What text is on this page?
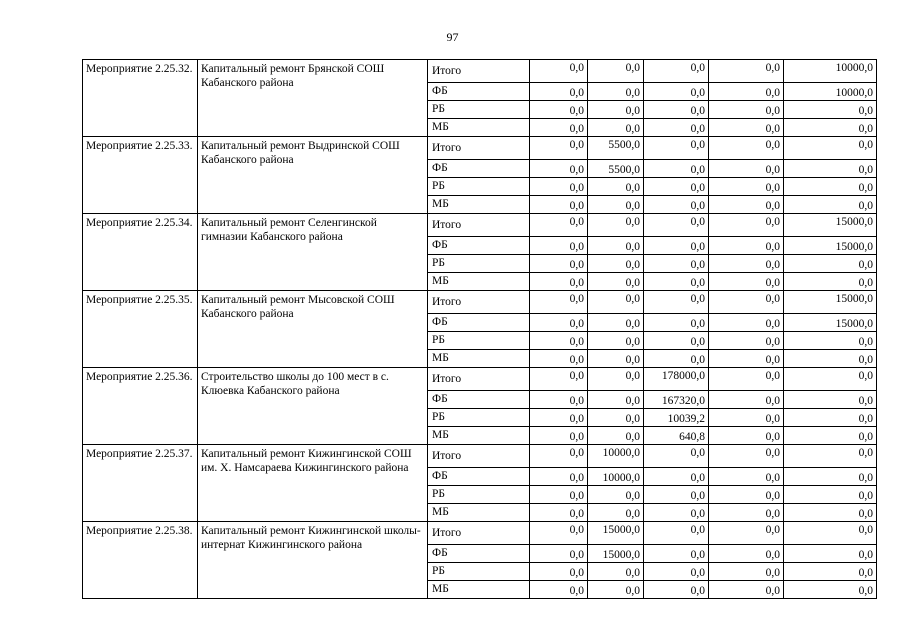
97
Мероприятие 2.25.32.	Капитальный ремонт Брянской СОШ Кабанского района	Итого	0,0	0,0	0,0	0,0	10000,0
		ФБ	0,0	0,0	0,0	0,0	10000,0
		РБ	0,0	0,0	0,0	0,0	0,0
		МБ	0,0	0,0	0,0	0,0	0,0
Мероприятие 2.25.33.	Капитальный ремонт Выдринской СОШ Кабанского района	Итого	0,0	5500,0	0,0	0,0	0,0
		ФБ	0,0	5500,0	0,0	0,0	0,0
		РБ	0,0	0,0	0,0	0,0	0,0
		МБ	0,0	0,0	0,0	0,0	0,0
Мероприятие 2.25.34.	Капитальный ремонт Селенгинской гимназии Кабанского района	Итого	0,0	0,0	0,0	0,0	15000,0
		ФБ	0,0	0,0	0,0	0,0	15000,0
		РБ	0,0	0,0	0,0	0,0	0,0
		МБ	0,0	0,0	0,0	0,0	0,0
Мероприятие 2.25.35.	Капитальный ремонт Мысовской СОШ Кабанского района	Итого	0,0	0,0	0,0	0,0	15000,0
		ФБ	0,0	0,0	0,0	0,0	15000,0
		РБ	0,0	0,0	0,0	0,0	0,0
		МБ	0,0	0,0	0,0	0,0	0,0
Мероприятие 2.25.36.	Строительство школы до 100 мест в с. Клюевка Кабанского района	Итого	0,0	0,0	178000,0	0,0	0,0
		ФБ	0,0	0,0	167320,0	0,0	0,0
		РБ	0,0	0,0	10039,2	0,0	0,0
		МБ	0,0	0,0	640,8	0,0	0,0
Мероприятие 2.25.37.	Капитальный ремонт Кижингинской СОШ им. Х. Намсараева Кижингинского района	Итого	0,0	10000,0	0,0	0,0	0,0
		ФБ	0,0	10000,0	0,0	0,0	0,0
		РБ	0,0	0,0	0,0	0,0	0,0
		МБ	0,0	0,0	0,0	0,0	0,0
Мероприятие 2.25.38.	Капитальный ремонт Кижингинской школы-интернат Кижингинского района	Итого	0,0	15000,0	0,0	0,0	0,0
		ФБ	0,0	15000,0	0,0	0,0	0,0
		РБ	0,0	0,0	0,0	0,0	0,0
		МБ	0,0	0,0	0,0	0,0	0,0
